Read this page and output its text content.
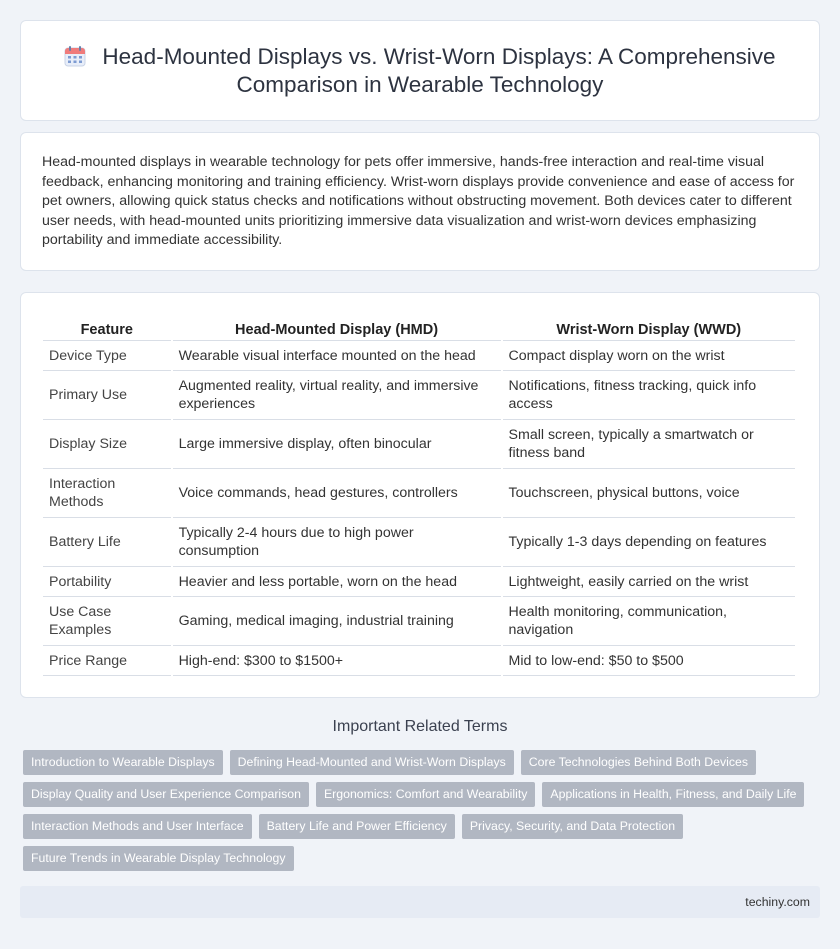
Head-Mounted Displays vs. Wrist-Worn Displays: A Comprehensive Comparison in Wearable Technology

Head-mounted displays in wearable technology for pets offer immersive, hands-free interaction and real-time visual feedback, enhancing monitoring and training efficiency. Wrist-worn displays provide convenience and ease of access for pet owners, allowing quick status checks and notifications without obstructing movement. Both devices cater to different user needs, with head-mounted units prioritizing immersive data visualization and wrist-worn devices emphasizing portability and immediate accessibility.

Feature	Head-Mounted Display (HMD)	Wrist-Worn Display (WWD)
Device Type	Wearable visual interface mounted on the head	Compact display worn on the wrist
Primary Use	Augmented reality, virtual reality, and immersive experiences	Notifications, fitness tracking, quick info access
Display Size	Large immersive display, often binocular	Small screen, typically a smartwatch or fitness band
Interaction Methods	Voice commands, head gestures, controllers	Touchscreen, physical buttons, voice
Battery Life	Typically 2-4 hours due to high power consumption	Typically 1-3 days depending on features
Portability	Heavier and less portable, worn on the head	Lightweight, easily carried on the wrist
Use Case Examples	Gaming, medical imaging, industrial training	Health monitoring, communication, navigation
Price Range	High-end: $300 to $1500+	Mid to low-end: $50 to $500
Important Related Terms
Introduction to Wearable Displays	Defining Head-Mounted and Wrist-Worn Displays	Core Technologies Behind Both Devices
Display Quality and User Experience Comparison	Ergonomics: Comfort and Wearability	Applications in Health, Fitness, and Daily Life
Interaction Methods and User Interface	Battery Life and Power Efficiency	Privacy, Security, and Data Protection
Future Trends in Wearable Display Technology
techiny.com
